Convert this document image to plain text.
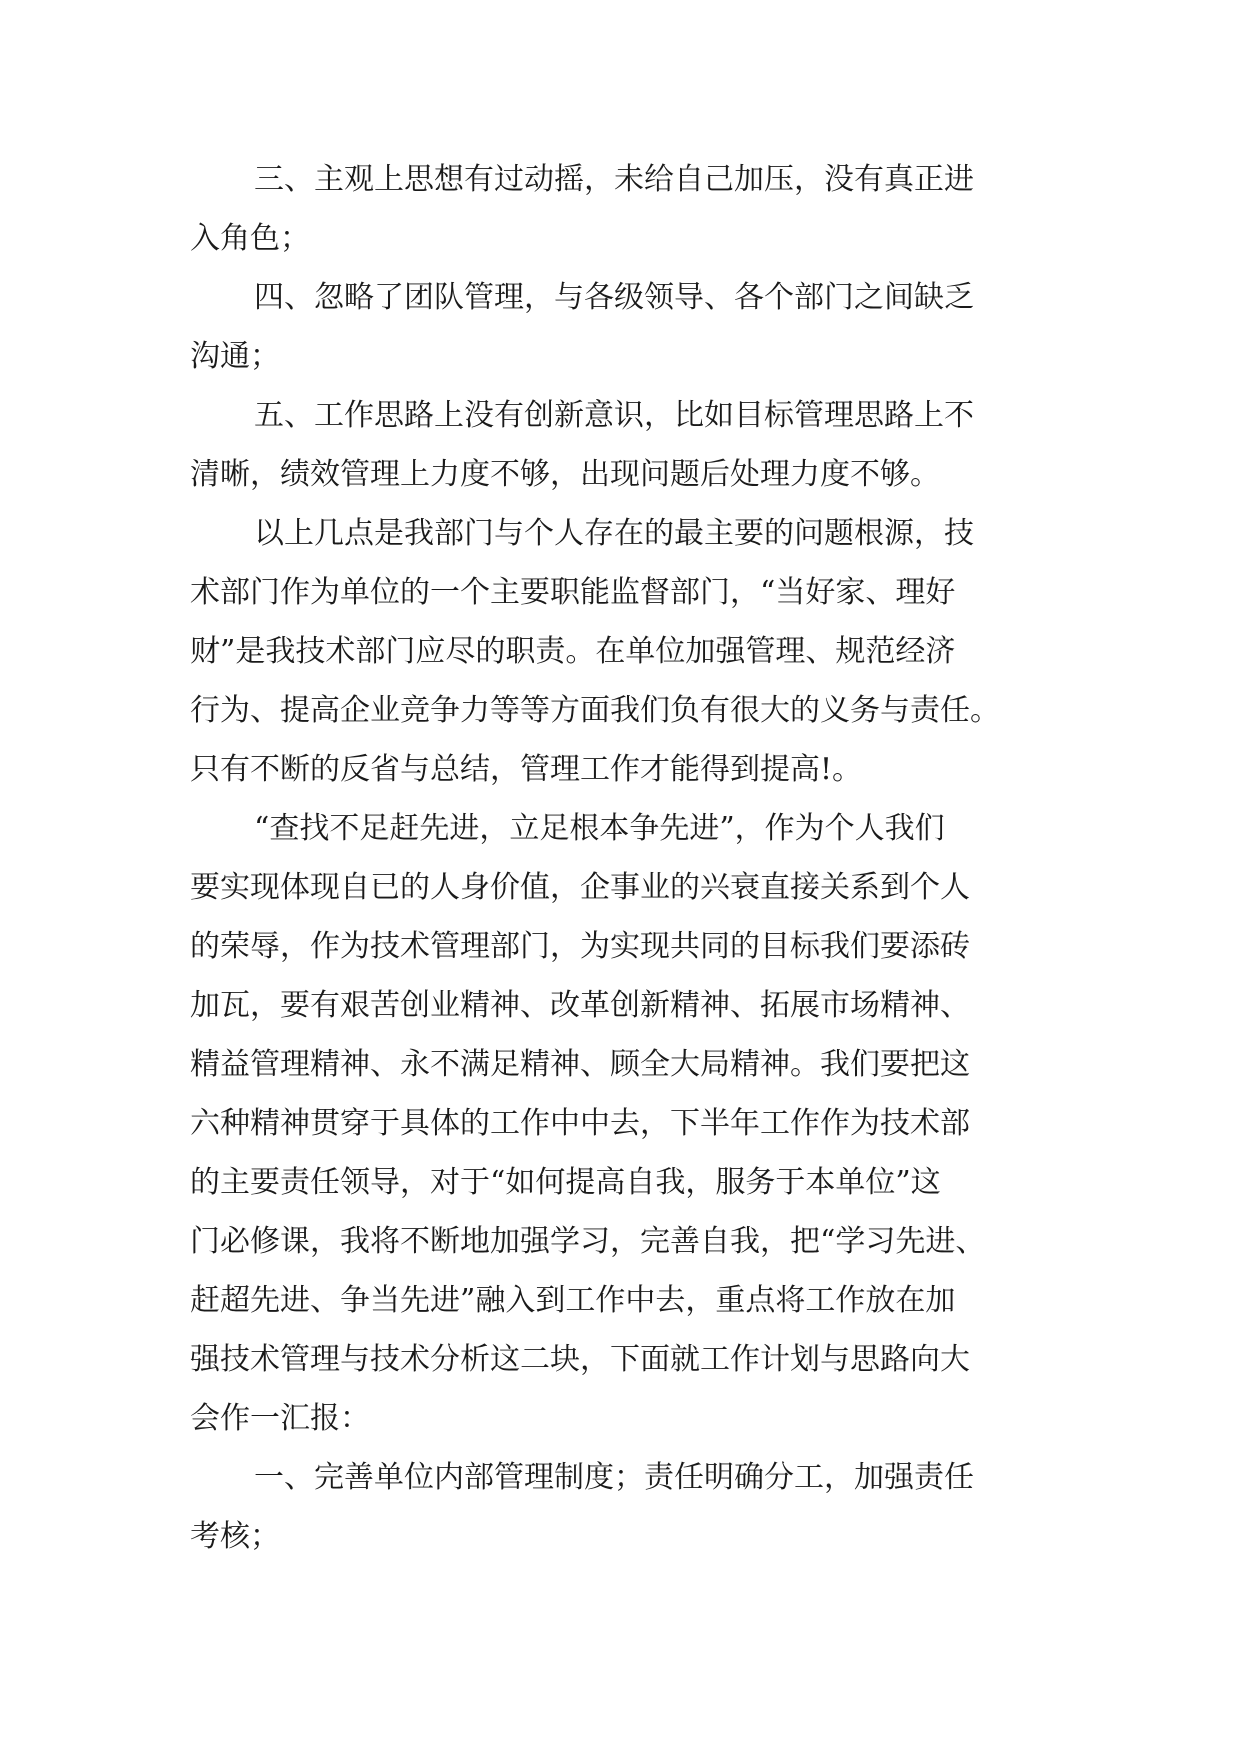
三、主观上思想有过动摇，未给自己加压，没有真正进
入角色；
四、忽略了团队管理，与各级领导、各个部门之间缺乏
沟通；
五、工作思路上没有创新意识，比如目标管理思路上不
清晰，绩效管理上力度不够，出现问题后处理力度不够。
以上几点是我部门与个人存在的最主要的问题根源，技
术部门作为单位的一个主要职能监督部门，“当好家、理好
财”是我技术部门应尽的职责。在单位加强管理、规范经济
行为、提高企业竞争力等等方面我们负有很大的义务与责任。
只有不断的反省与总结，管理工作才能得到提高!。
“查找不足赶先进，立足根本争先进”，作为个人我们
要实现体现自已的人身价值，企事业的兴衰直接关系到个人
的荣辱，作为技术管理部门，为实现共同的目标我们要添砖
加瓦，要有艰苦创业精神、改革创新精神、拓展市场精神、
精益管理精神、永不满足精神、顾全大局精神。我们要把这
六种精神贯穿于具体的工作中中去，下半年工作作为技术部
的主要责任领导，对于“如何提高自我，服务于本单位”这
门必修课，我将不断地加强学习，完善自我，把“学习先进、
赶超先进、争当先进”融入到工作中去，重点将工作放在加
强技术管理与技术分析这二块，下面就工作计划与思路向大
会作一汇报：
一、完善单位内部管理制度；责任明确分工，加强责任
考核；
